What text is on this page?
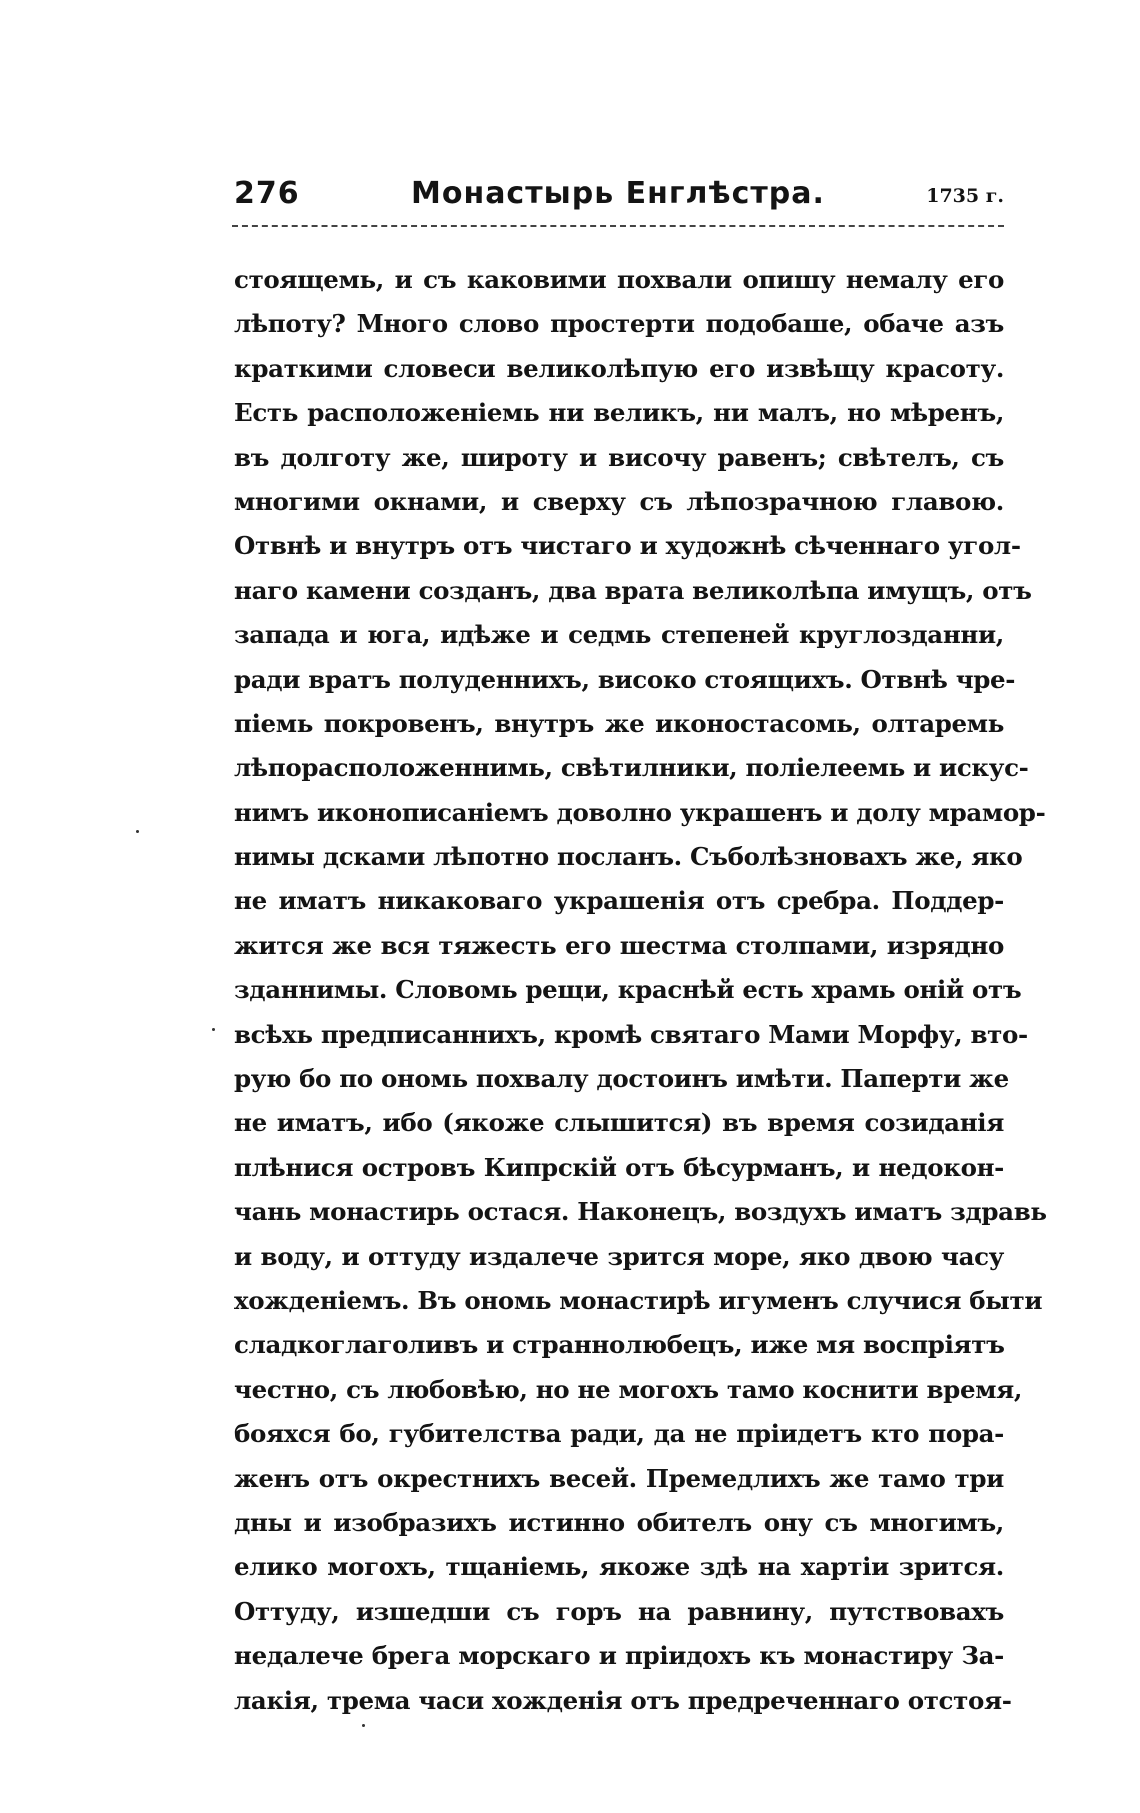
276	Монастырь Енглѣстра.	1735 г.
стоящемь, и съ каковими похвали опишу немалу его
лѣпоту? Много слово простерти подобаше, обаче азъ
краткими словеси великолѣпую его извѣщу красоту.
Есть расположеніемь ни великъ, ни малъ, но мѣренъ,
въ долготу же, широту и височу равенъ; свѣтелъ, съ
многими окнами, и сверху съ лѣпозрачною главою.
Отвнѣ и внутръ отъ чистаго и художнѣ сѣченнаго угол-
наго камени созданъ, два врата великолѣпа имущъ, отъ
запада и юга, идѣже и седмь степеней круглозданни,
ради вратъ полуденнихъ, високо стоящихъ. Отвнѣ чре-
піемь покровенъ, внутръ же иконостасомь, олтаремь
лѣпорасположеннимь, свѣтилники, поліелеемь и искус-
нимъ иконописаніемъ доволно украшенъ и долу мрамор-
нимы дсками лѣпотно посланъ. Съболѣзновахъ же, яко
не иматъ никаковаго украшенія отъ сребра. Поддер-
жится же вся тяжесть его шестма столпами, изрядно
зданнимы. Словомь рещи, краснѣй есть храмь оній отъ
всѣхь предписаннихъ, кромѣ святаго Мами Морфу, вто-
рую бо по ономь похвалу достоинъ имѣти. Паперти же
не иматъ, ибо (якоже слышится) въ время созиданія
плѣнися островъ Кипрскій отъ бѣсурманъ, и недокон-
чань монастирь остася. Наконецъ, воздухъ иматъ здравь
и воду, и оттуду издалече зрится море, яко двою часу
хожденіемъ. Въ ономь монастирѣ игуменъ случися быти
сладкоглаголивъ и страннолюбецъ, иже мя воспріятъ
честно, съ любовѣю, но не могохъ тамо коснити время,
бояхся бо, губителства ради, да не пріидетъ кто пора-
женъ отъ окрестнихъ весей. Премедлихъ же тамо три
дны и изобразихъ истинно обителъ ону съ многимъ,
елико могохъ, тщаніемь, якоже здѣ на хартіи зрится.
Оттуду, изшедши съ горъ на равнину, путствовахъ
недалече брега морскаго и пріидохъ къ монастиру За-
лакія, трема часи хожденія отъ предреченнаго отстоя-
